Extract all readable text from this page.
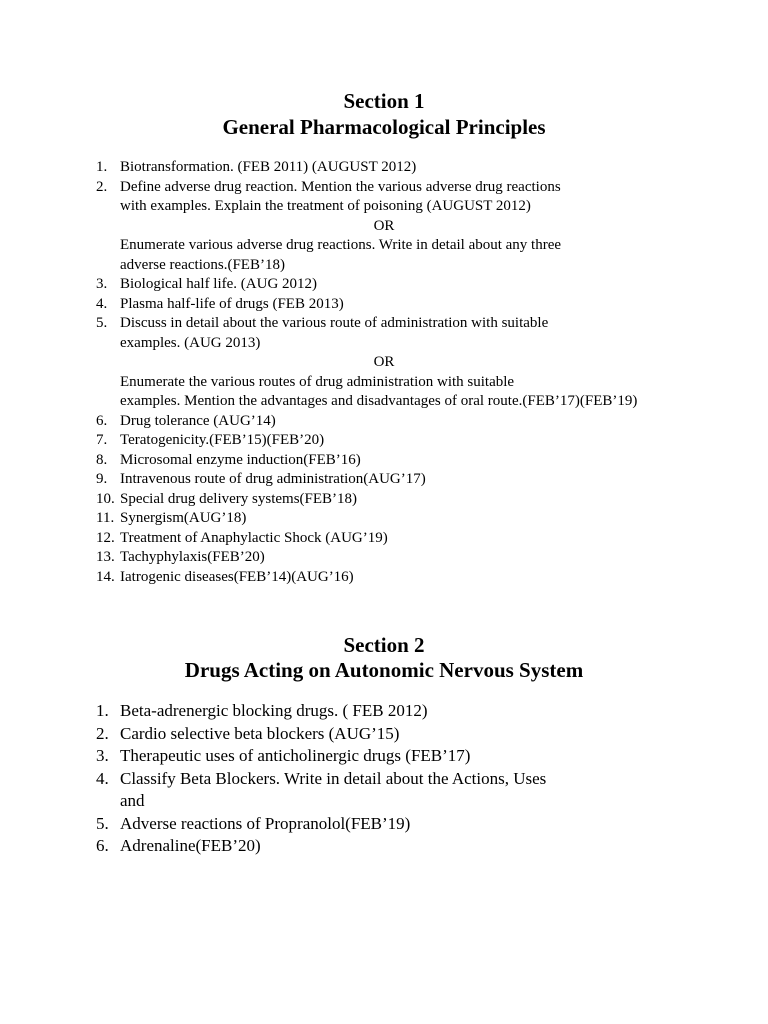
Section 1
General Pharmacological Principles
1. Biotransformation. (FEB 2011) (AUGUST 2012)
2. Define adverse drug reaction. Mention the various adverse drug reactions
with examples. Explain the treatment of poisoning (AUGUST 2012)
OR
Enumerate various adverse drug reactions. Write in detail about any three
adverse reactions.(FEB’18)
3. Biological half life. (AUG 2012)
4. Plasma half-life of drugs (FEB 2013)
5. Discuss in detail about the various route of administration with suitable
examples. (AUG 2013)
OR
Enumerate the various routes of drug administration with suitable
examples. Mention the advantages and disadvantages of oral route.(FEB’17)(FEB’19)
6. Drug tolerance (AUG’14)
7. Teratogenicity.(FEB’15)(FEB’20)
8. Microsomal enzyme induction(FEB’16)
9. Intravenous route of drug administration(AUG’17)
10. Special drug delivery systems(FEB’18)
11. Synergism(AUG’18)
12. Treatment of Anaphylactic Shock (AUG’19)
13. Tachyphylaxis(FEB’20)
14. Iatrogenic diseases(FEB’14)(AUG’16)
Section 2
Drugs Acting on Autonomic Nervous System
1. Beta-adrenergic blocking drugs. ( FEB 2012)
2. Cardio selective beta blockers (AUG’15)
3. Therapeutic uses of anticholinergic drugs (FEB’17)
4. Classify Beta Blockers. Write in detail about the Actions, Uses
and
5. Adverse reactions of Propranolol(FEB’19)
6. Adrenaline(FEB’20)
